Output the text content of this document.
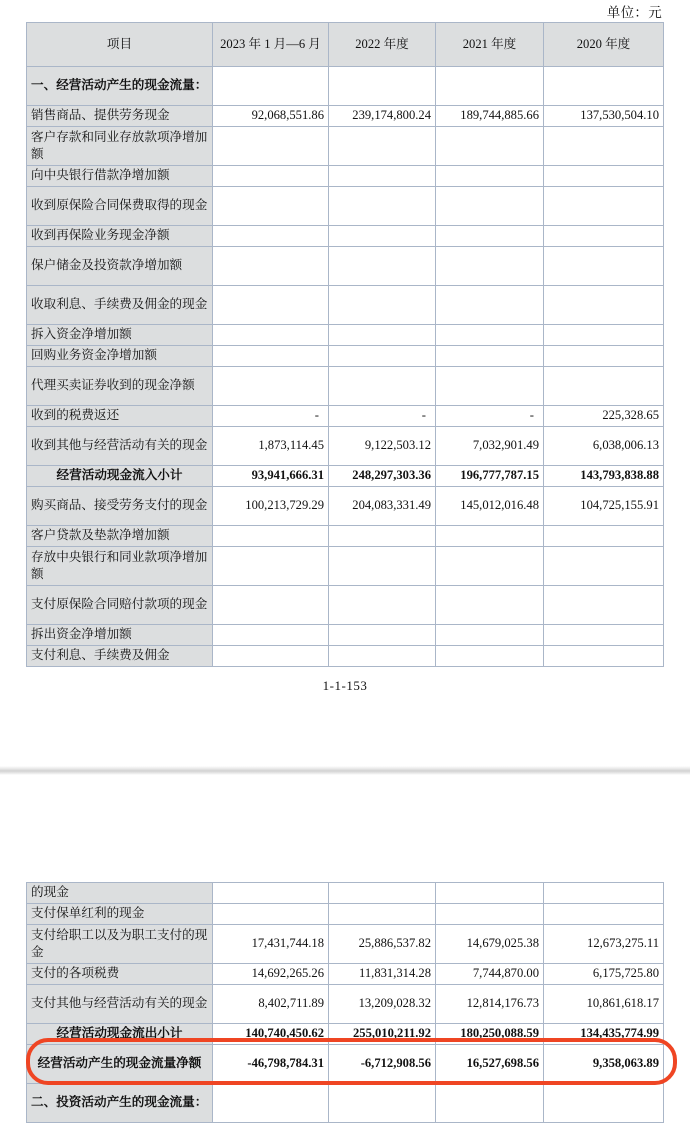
单位：元
项目	2023 年 1 月—6 月	2022 年度	2021 年度	2020 年度
一、经营活动产生的现金流量：				
销售商品、提供劳务现金	92,068,551.86	239,174,800.24	189,744,885.66	137,530,504.10
客户存款和同业存放款项净增加额				
向中央银行借款净增加额				
收到原保险合同保费取得的现金				
收到再保险业务现金净额				
保户储金及投资款净增加额				
收取利息、手续费及佣金的现金				
拆入资金净增加额				
回购业务资金净增加额				
代理买卖证券收到的现金净额				
收到的税费返还	-	-	-	225,328.65
收到其他与经营活动有关的现金	1,873,114.45	9,122,503.12	7,032,901.49	6,038,006.13
经营活动现金流入小计	93,941,666.31	248,297,303.36	196,777,787.15	143,793,838.88
购买商品、接受劳务支付的现金	100,213,729.29	204,083,331.49	145,012,016.48	104,725,155.91
客户贷款及垫款净增加额				
存放中央银行和同业款项净增加额				
支付原保险合同赔付款项的现金				
拆出资金净增加额				
支付利息、手续费及佣金				
1-1-153
的现金				
支付保单红利的现金				
支付给职工以及为职工支付的现金	17,431,744.18	25,886,537.82	14,679,025.38	12,673,275.11
支付的各项税费	14,692,265.26	11,831,314.28	7,744,870.00	6,175,725.80
支付其他与经营活动有关的现金	8,402,711.89	13,209,028.32	12,814,176.73	10,861,618.17
经营活动现金流出小计	140,740,450.62	255,010,211.92	180,250,088.59	134,435,774.99
经营活动产生的现金流量净额	-46,798,784.31	-6,712,908.56	16,527,698.56	9,358,063.89
二、投资活动产生的现金流量：				
